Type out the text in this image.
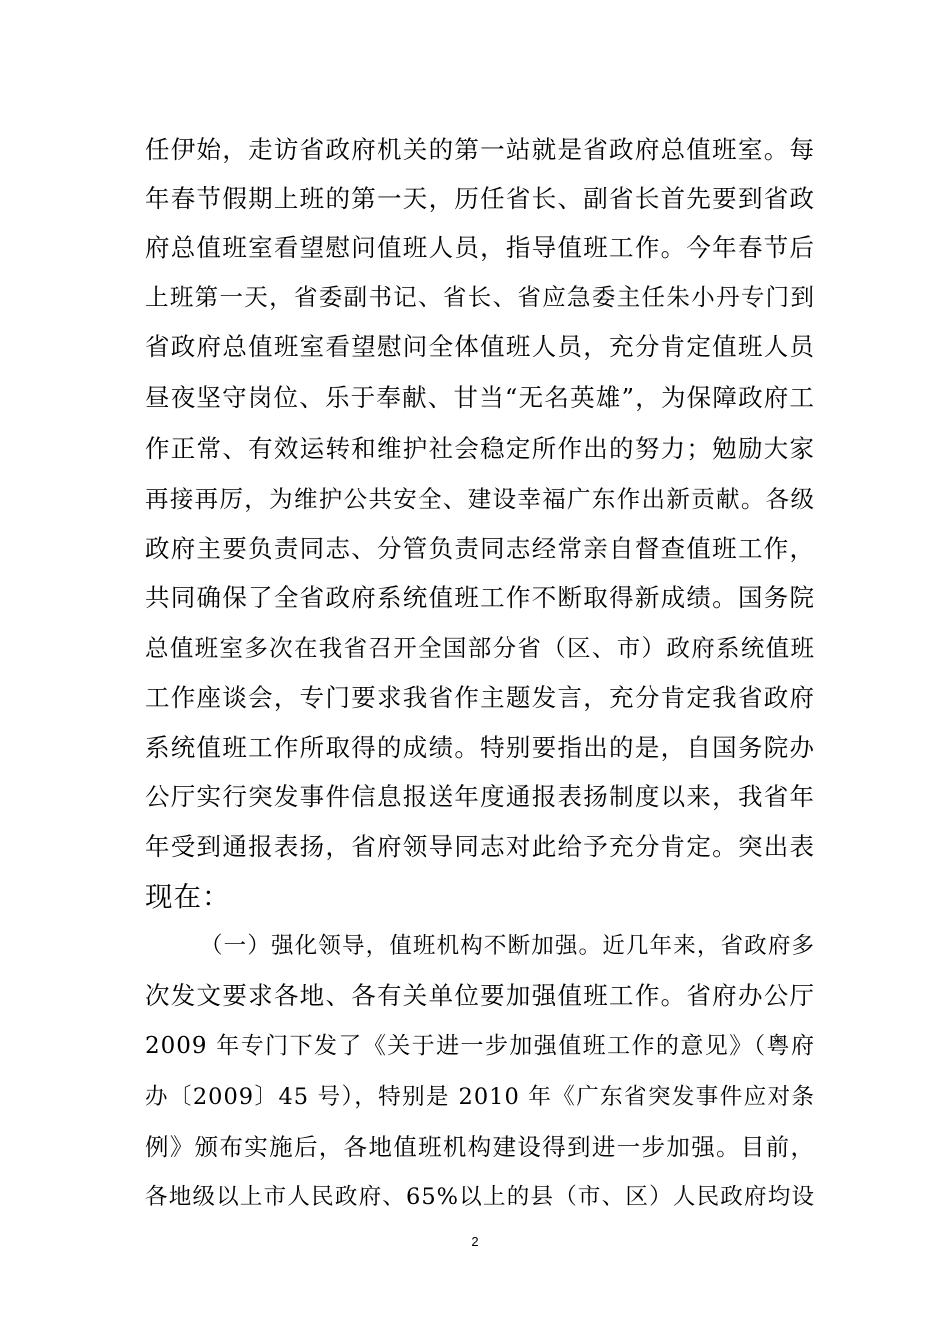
任伊始，走访省政府机关的第一站就是省政府总值班室。每
年春节假期上班的第一天，历任省长、副省长首先要到省政
府总值班室看望慰问值班人员，指导值班工作。今年春节后
上班第一天，省委副书记、省长、省应急委主任朱小丹专门到
省政府总值班室看望慰问全体值班人员，充分肯定值班人员
昼夜坚守岗位、乐于奉献、甘当“无名英雄”，为保障政府工
作正常、有效运转和维护社会稳定所作出的努力；勉励大家
再接再厉，为维护公共安全、建设幸福广东作出新贡献。各级
政府主要负责同志、分管负责同志经常亲自督查值班工作，
共同确保了全省政府系统值班工作不断取得新成绩。国务院
总值班室多次在我省召开全国部分省（区、市）政府系统值班
工作座谈会，专门要求我省作主题发言，充分肯定我省政府
系统值班工作所取得的成绩。特别要指出的是，自国务院办
公厅实行突发事件信息报送年度通报表扬制度以来，我省年
年受到通报表扬，省府领导同志对此给予充分肯定。突出表
现在：
（一）强化领导，值班机构不断加强。近几年来，省政府多
次发文要求各地、各有关单位要加强值班工作。省府办公厅
2009 年专门下发了《关于进一步加强值班工作的意见》（粤府
办〔2009〕45 号），特别是 2010 年《广东省突发事件应对条
例》颁布实施后，各地值班机构建设得到进一步加强。目前，
各地级以上市人民政府、65%以上的县（市、区）人民政府均设
2
